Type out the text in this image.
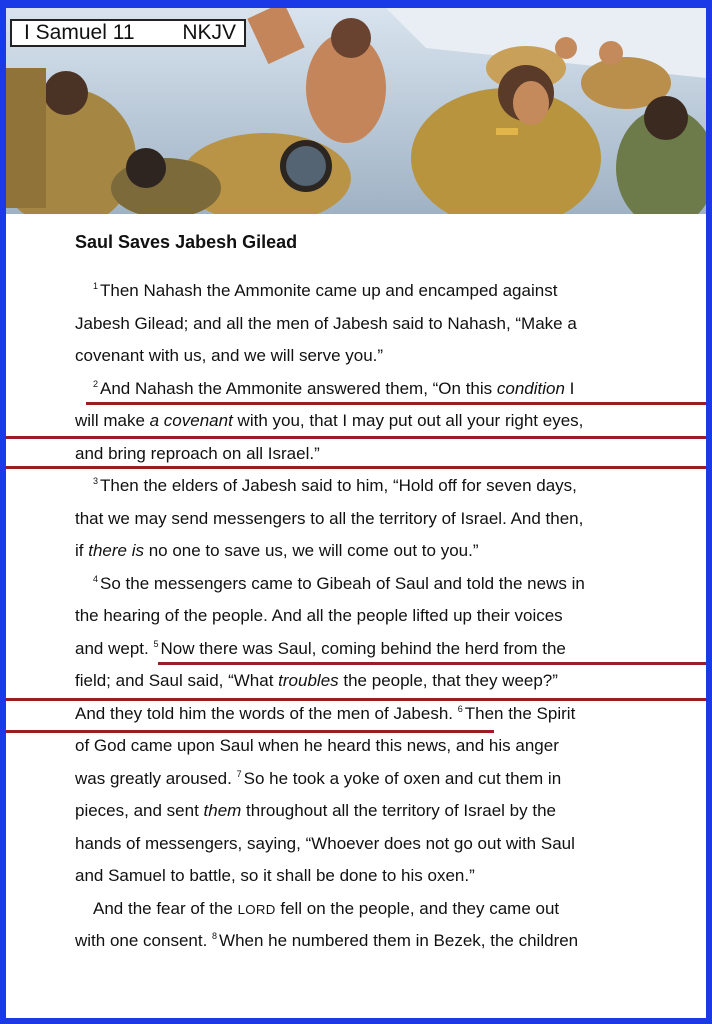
I Samuel 11 NKJV
Saul Saves Jabesh Gilead
$^1$ Then Nahash the Ammonite came up and encamped against
Jabesh Gilead; and all the men of Jabesh said to Nahash, “Make a
covenant with us, and we will serve you.”
$^2$ And Nahash the Ammonite answered them, “On this condition I
will make a covenant with you, that I may put out all your right eyes,
and bring reproach on all Israel.”
$^3$ Then the elders of Jabesh said to him, “Hold off for seven days,
that we may send messengers to all the territory of Israel. And then,
if there is no one to save us, we will come out to you.”
$^4$ So the messengers came to Gibeah of Saul and told the news in
the hearing of the people. And all the people lifted up their voices
and wept. $^5$ Now there was Saul, coming behind the herd from the
field; and Saul said, “What troubles the people, that they weep?”
And they told him the words of the men of Jabesh. $^6$ Then the Spirit
of God came upon Saul when he heard this news, and his anger
was greatly aroused. $^7$ So he took a yoke of oxen and cut them in
pieces, and sent them throughout all the territory of Israel by the
hands of messengers, saying, “Whoever does not go out with Saul
and Samuel to battle, so it shall be done to his oxen.”
And the fear of the LORD fell on the people, and they came out
with one consent. $^8$ When he numbered them in Bezek, the children
